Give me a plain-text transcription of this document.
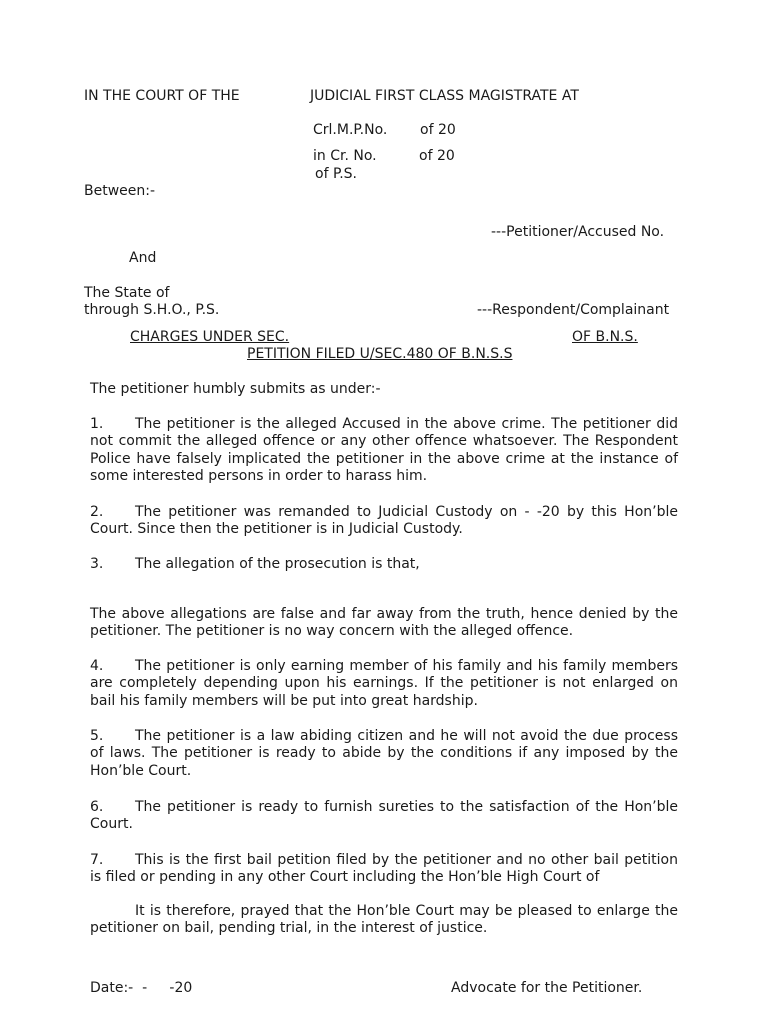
IN THE COURT OF THE	JUDICIAL FIRST CLASS MAGISTRATE AT
Crl.M.P.No. of 20
in Cr. No.	of 20
of P.S.
Between:-
---Petitioner/Accused No.
And
The State of
through S.H.O., P.S.	---Respondent/Complainant
CHARGES UNDER SEC.	OF B.N.S.
PETITION FILED U/SEC.480 OF B.N.S.S
The petitioner humbly submits as under:-

1. The petitioner is the alleged Accused in the above crime. The petitioner did not commit the alleged offence or any other offence whatsoever. The Respondent Police have falsely implicated the petitioner in the above crime at the instance of some interested persons in order to harass him.

2. The petitioner was remanded to Judicial Custody on - -20 by this Hon’ble Court. Since then the petitioner is in Judicial Custody.

3. The allegation of the prosecution is that,

The above allegations are false and far away from the truth, hence denied by the petitioner. The petitioner is no way concern with the alleged offence.

4. The petitioner is only earning member of his family and his family members are completely depending upon his earnings. If the petitioner is not enlarged on bail his family members will be put into great hardship.

5. The petitioner is a law abiding citizen and he will not avoid the due process of laws. The petitioner is ready to abide by the conditions if any imposed by the Hon’ble Court.

6. The petitioner is ready to furnish sureties to the satisfaction of the Hon’ble Court.

7. This is the first bail petition filed by the petitioner and no other bail petition is filed or pending in any other Court including the Hon’ble High Court of

It is therefore, prayed that the Hon’ble Court may be pleased to enlarge the petitioner on bail, pending trial, in the interest of justice.

Date:-  -     -20	Advocate for the Petitioner.
